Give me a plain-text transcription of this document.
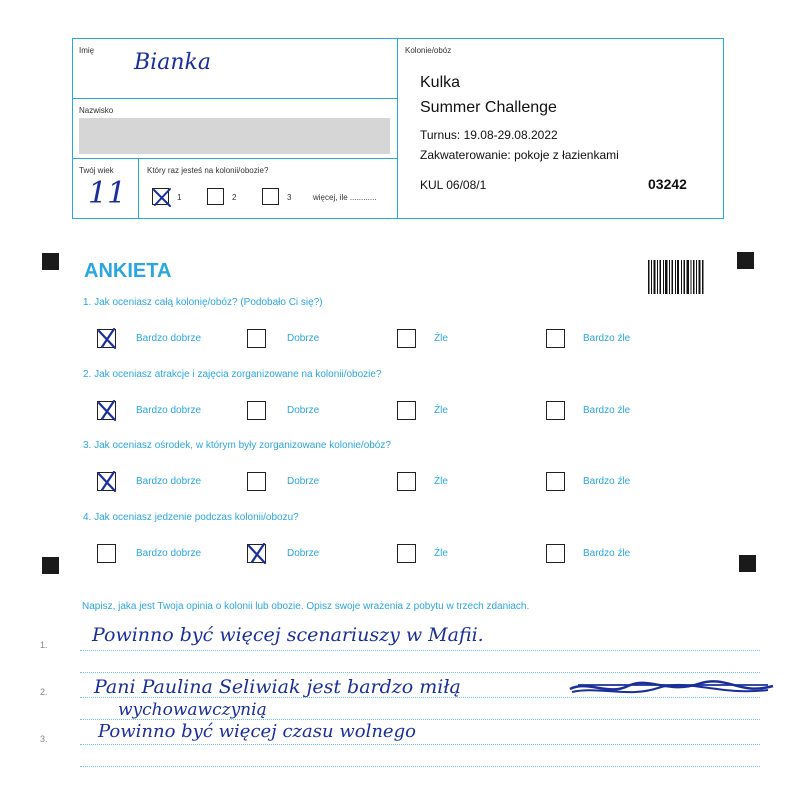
Imię Bianka
Nazwisko
Twój wiek
11
Który raz jesteś na kolonii/obozie?
1	2	3	więcej, ile ............
Kolonie/obóz
Kulka
Summer Challenge
Turnus: 19.08-29.08.2022
Zakwaterowanie: pokoje z łazienkami
KUL 06/08/1	03242
ANKIETA
1. Jak oceniasz całą kolonię/obóz? (Podobało Ci się?)
Bardzo dobrze	Dobrze	Źle	Bardzo źle
2. Jak oceniasz atrakcje i zajęcia zorganizowane na kolonii/obozie?
Bardzo dobrze	Dobrze	Źle	Bardzo źle
3. Jak oceniasz ośrodek, w którym były zorganizowane kolonie/obóz?
Bardzo dobrze	Dobrze	Źle	Bardzo źle
4. Jak oceniasz jedzenie podczas kolonii/obozu?
Bardzo dobrze	Dobrze	Źle	Bardzo źle
Napisz, jaka jest Twoja opinia o kolonii lub obozie. Opisz swoje wrażenia z pobytu w trzech zdaniach.
1.
2.
3.
Powinno być więcej scenariuszy w Mafii.
Pani Paulina Seliwiak jest bardzo miłą
wychowawczynią
Powinno być więcej czasu wolnego
